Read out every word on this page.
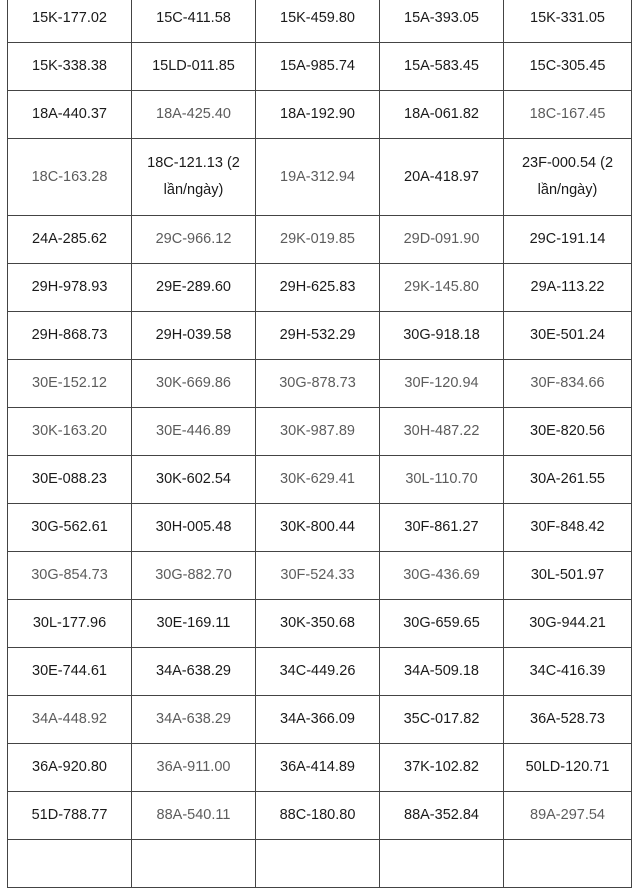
15K-177.02	15C-411.58	15K-459.80	15A-393.05	15K-331.05
15K-338.38	15LD-011.85	15A-985.74	15A-583.45	15C-305.45
18A-440.37	18A-425.40	18A-192.90	18A-061.82	18C-167.45
18C-163.28	18C-121.13 (2 lần/ngày)	19A-312.94	20A-418.97	23F-000.54 (2 lần/ngày)
24A-285.62	29C-966.12	29K-019.85	29D-091.90	29C-191.14
29H-978.93	29E-289.60	29H-625.83	29K-145.80	29A-113.22
29H-868.73	29H-039.58	29H-532.29	30G-918.18	30E-501.24
30E-152.12	30K-669.86	30G-878.73	30F-120.94	30F-834.66
30K-163.20	30E-446.89	30K-987.89	30H-487.22	30E-820.56
30E-088.23	30K-602.54	30K-629.41	30L-110.70	30A-261.55
30G-562.61	30H-005.48	30K-800.44	30F-861.27	30F-848.42
30G-854.73	30G-882.70	30F-524.33	30G-436.69	30L-501.97
30L-177.96	30E-169.11	30K-350.68	30G-659.65	30G-944.21
30E-744.61	34A-638.29	34C-449.26	34A-509.18	34C-416.39
34A-448.92	34A-638.29	34A-366.09	35C-017.82	36A-528.73
36A-920.80	36A-911.00	36A-414.89	37K-102.82	50LD-120.71
51D-788.77	88A-540.11	88C-180.80	88A-352.84	89A-297.54
